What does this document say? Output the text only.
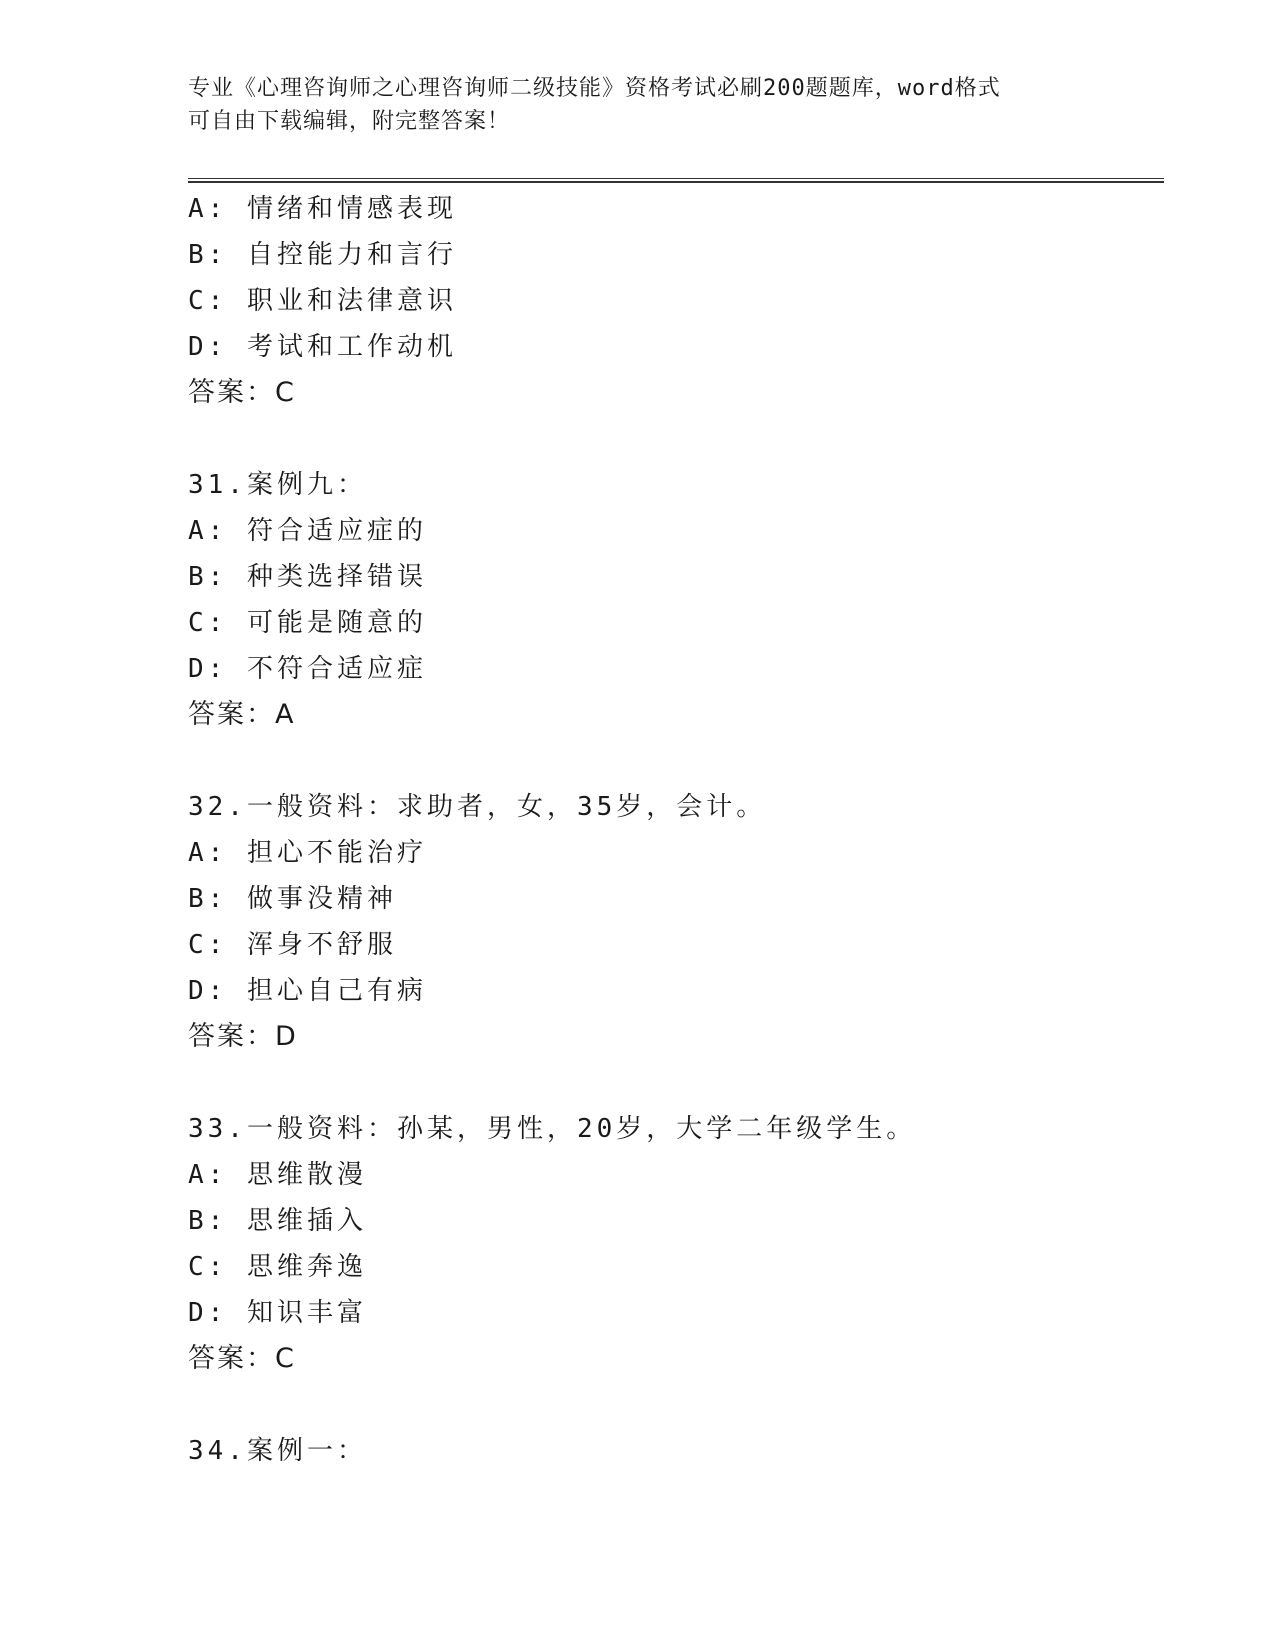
专业《心理咨询师之心理咨询师二级技能》资格考试必刷200题题库，word格式
可自由下载编辑，附完整答案！
A: 情绪和情感表现
B: 自控能力和言行
C: 职业和法律意识
D: 考试和工作动机
答案：C
31.案例九：
A: 符合适应症的
B: 种类选择错误
C: 可能是随意的
D: 不符合适应症
答案：A
32.一般资料：求助者，女，35岁，会计。
A: 担心不能治疗
B: 做事没精神
C: 浑身不舒服
D: 担心自己有病
答案：D
33.一般资料：孙某，男性，20岁，大学二年级学生。
A: 思维散漫
B: 思维插入
C: 思维奔逸
D: 知识丰富
答案：C
34.案例一：
